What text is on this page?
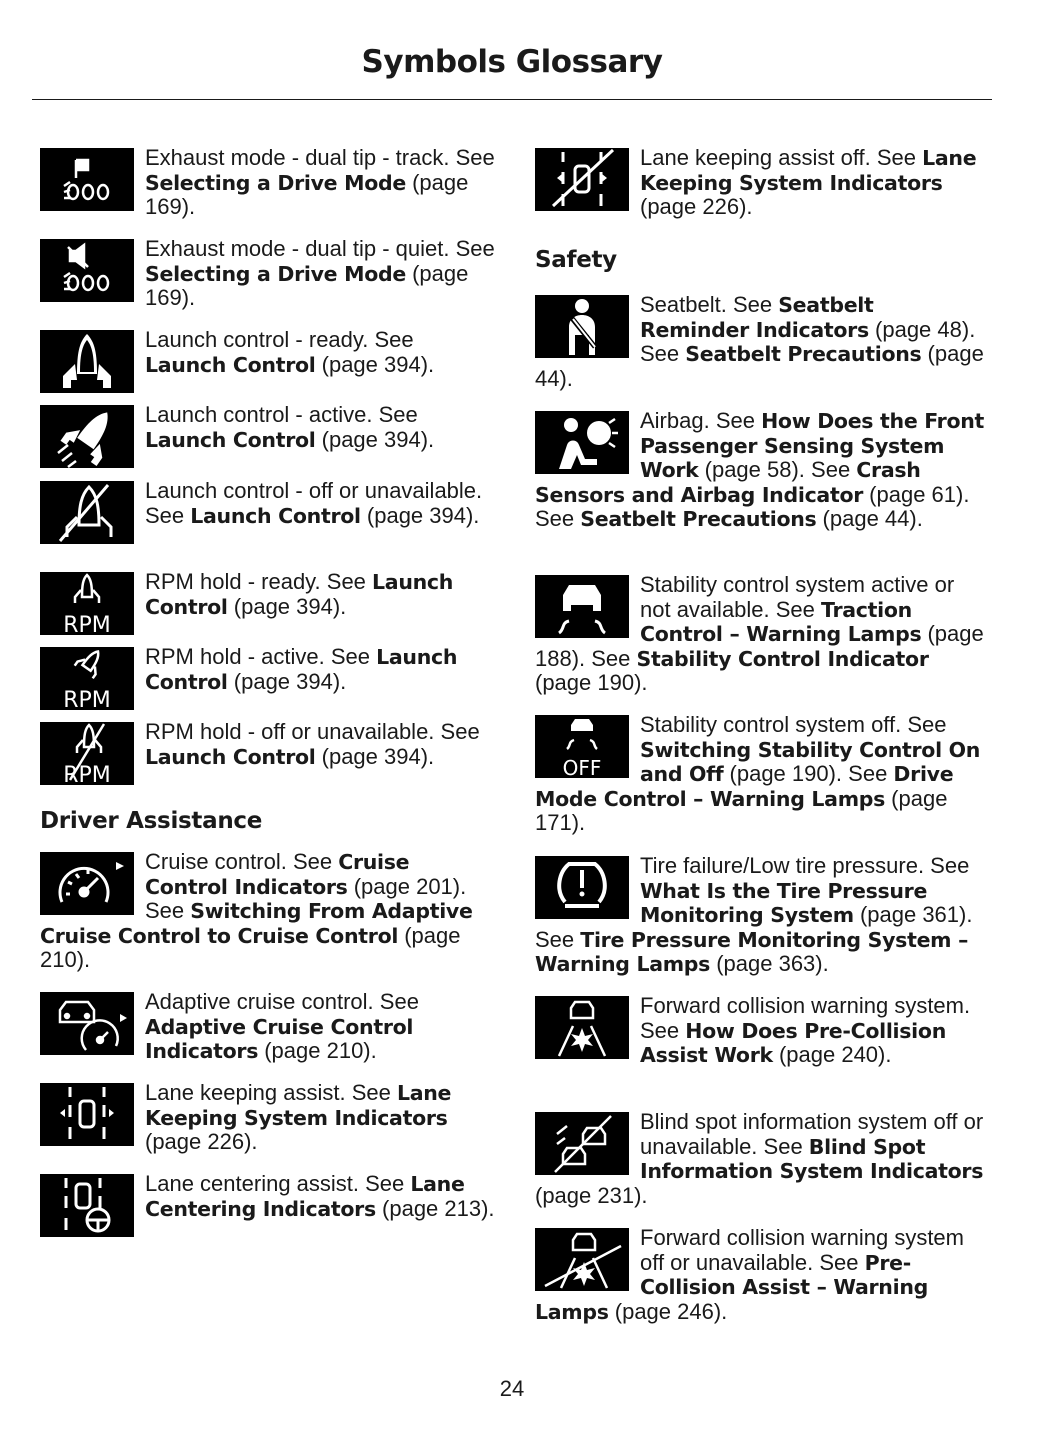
Symbols Glossary
Exhaust mode - dual tip - track. See Selecting a Drive Mode (page 169).
Exhaust mode - dual tip - quiet. See Selecting a Drive Mode (page 169).
Launch control - ready. See Launch Control (page 394).
Launch control - active. See Launch Control (page 394).
Launch control - off or unavailable. See Launch Control (page 394).
RPM
RPM hold - ready. See Launch Control (page 394).
RPM
RPM hold - active. See Launch Control (page 394).
RPM
RPM hold - off or unavailable. See Launch Control (page 394).
Driver Assistance
Cruise control. See Cruise Control Indicators (page 201). See Switching From Adaptive Cruise Control to Cruise Control (page 210).
Adaptive cruise control. See Adaptive Cruise Control Indicators (page 210).
Lane keeping assist. See Lane Keeping System Indicators (page 226).
Lane centering assist. See Lane Centering Indicators (page 213).
Lane keeping assist off. See Lane Keeping System Indicators (page 226).
Safety
Seatbelt. See Seatbelt Reminder Indicators (page 48). See Seatbelt Precautions (page 44).
Airbag. See How Does the Front Passenger Sensing System Work (page 58). See Crash Sensors and Airbag Indicator (page 61). See Seatbelt Precautions (page 44).
Stability control system active or not available. See Traction Control – Warning Lamps (page 188). See Stability Control Indicator (page 190).
OFF
Stability control system off. See Switching Stability Control On and Off (page 190). See Drive Mode Control – Warning Lamps (page 171).
Tire failure/Low tire pressure. See What Is the Tire Pressure Monitoring System (page 361). See Tire Pressure Monitoring System – Warning Lamps (page 363).
Forward collision warning system. See How Does Pre-Collision Assist Work (page 240).
Blind spot information system off or unavailable. See Blind Spot Information System Indicators (page 231).
Forward collision warning system off or unavailable. See Pre-Collision Assist – Warning Lamps (page 246).
24
